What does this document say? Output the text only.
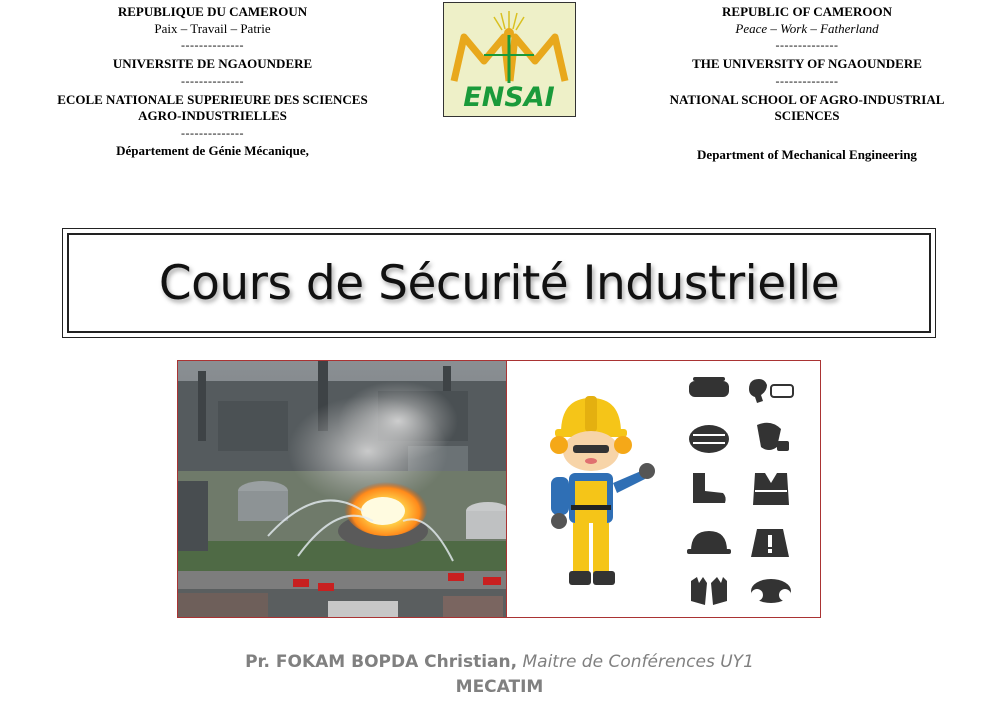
REPUBLIQUE DU CAMEROUN
Paix – Travail – Patrie
--------------
UNIVERSITE DE NGAOUNDERE
--------------
ECOLE NATIONALE SUPERIEURE DES SCIENCES
AGRO-INDUSTRIELLES
--------------
Département de Génie Mécanique,
ENSAI
REPUBLIC OF CAMEROON
Peace – Work – Fatherland
--------------
THE UNIVERSITY OF NGAOUNDERE
--------------
NATIONAL SCHOOL OF AGRO-INDUSTRIAL
SCIENCES
Department of Mechanical Engineering
Cours de Sécurité Industrielle
Pr. FOKAM BOPDA Christian, Maitre de Conférences UY1
MECATIM
